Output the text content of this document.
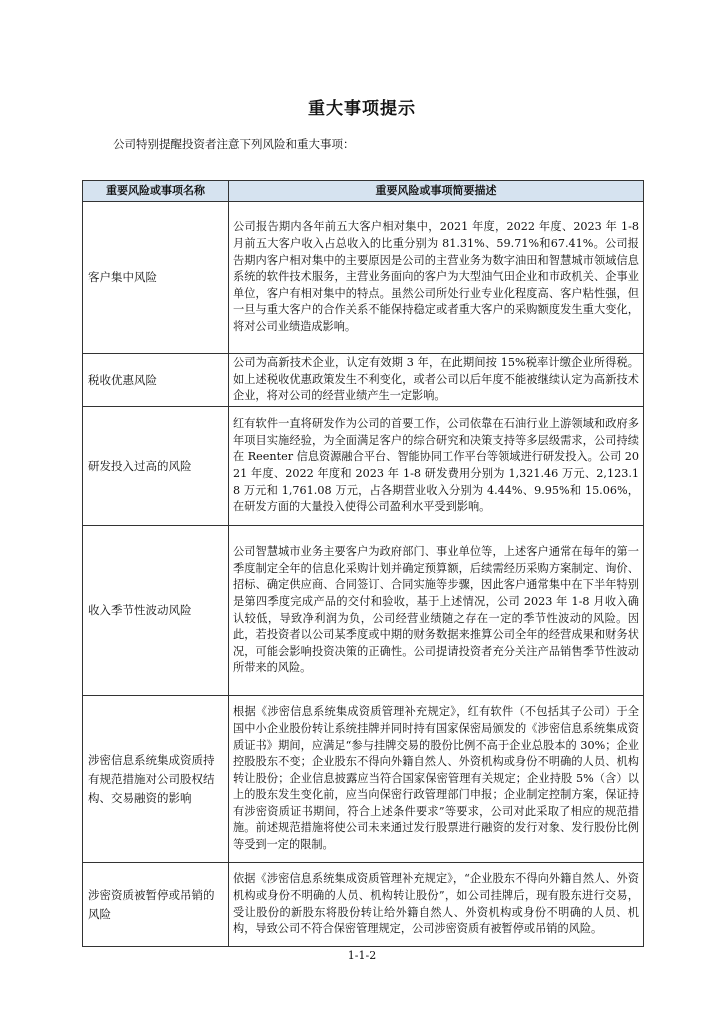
重大事项提示
公司特别提醒投资者注意下列风险和重大事项：
重要风险或事项名称	重要风险或事项简要描述
客户集中风险	公司报告期内各年前五大客户相对集中，2021 年度，2022 年度、2023 年 1-8 月前五大客户收入占总收入的比重分别为 81.31%、59.71%和67.41%。公司报告期内客户相对集中的主要原因是公司的主营业务为数字油田和智慧城市领域信息系统的软件技术服务，主营业务面向的客户为大型油气田企业和市政机关、企事业单位，客户有相对集中的特点。虽然公司所处行业专业化程度高、客户粘性强，但一旦与重大客户的合作关系不能保持稳定或者重大客户的采购额度发生重大变化，将对公司业绩造成影响。
税收优惠风险	公司为高新技术企业，认定有效期 3 年，在此期间按 15%税率计缴企业所得税。如上述税收优惠政策发生不利变化，或者公司以后年度不能被继续认定为高新技术企业，将对公司的经营业绩产生一定影响。
研发投入过高的风险	红有软件一直将研发作为公司的首要工作，公司依靠在石油行业上游领域和政府多年项目实施经验，为全面满足客户的综合研究和决策支持等多层级需求，公司持续在 Reenter 信息资源融合平台、智能协同工作平台等领域进行研发投入。公司 2021 年度、2022 年度和 2023 年 1-8 研发费用分别为 1,321.46 万元、2,123.18 万元和 1,761.08 万元，占各期营业收入分别为 4.44%、9.95%和 15.06%，在研发方面的大量投入使得公司盈利水平受到影响。
收入季节性波动风险	公司智慧城市业务主要客户为政府部门、事业单位等，上述客户通常在每年的第一季度制定全年的信息化采购计划并确定预算额，后续需经历采购方案制定、询价、招标、确定供应商、合同签订、合同实施等步骤，因此客户通常集中在下半年特别是第四季度完成产品的交付和验收，基于上述情况，公司 2023 年 1-8 月收入确认较低，导致净利润为负，公司经营业绩随之存在一定的季节性波动的风险。因此，若投资者以公司某季度或中期的财务数据来推算公司全年的经营成果和财务状况，可能会影响投资决策的正确性。公司提请投资者充分关注产品销售季节性波动所带来的风险。
涉密信息系统集成资质持有规范措施对公司股权结构、交易融资的影响	根据《涉密信息系统集成资质管理补充规定》，红有软件（不包括其子公司）于全国中小企业股份转让系统挂牌并同时持有国家保密局颁发的《涉密信息系统集成资质证书》期间，应满足“参与挂牌交易的股份比例不高于企业总股本的 30%；企业控股股东不变；企业股东不得向外籍自然人、外资机构或身份不明确的人员、机构转让股份；企业信息披露应当符合国家保密管理有关规定；企业持股 5%（含）以上的股东发生变化前，应当向保密行政管理部门申报；企业制定控制方案，保证持有涉密资质证书期间，符合上述条件要求”等要求，公司对此采取了相应的规范措施。前述规范措施将使公司未来通过发行股票进行融资的发行对象、发行股份比例等受到一定的限制。
涉密资质被暂停或吊销的风险	依据《涉密信息系统集成资质管理补充规定》，“企业股东不得向外籍自然人、外资机构或身份不明确的人员、机构转让股份”，如公司挂牌后，现有股东进行交易，受让股份的新股东将股份转让给外籍自然人、外资机构或身份不明确的人员、机构，导致公司不符合保密管理规定，公司涉密资质有被暂停或吊销的风险。
1-1-2
